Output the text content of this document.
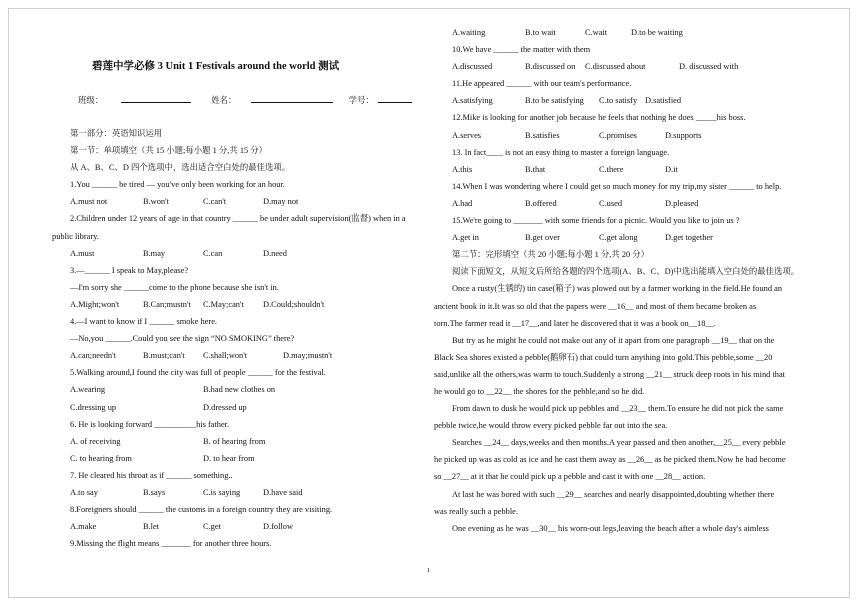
碧莲中学必修 3 Unit 1 Festivals around the world 测试
班级：	姓名：	学号：

第一部分：英语知识运用

第一节：单项填空（共 15 小题;每小题 1 分,共 15 分）

从 A、B、C、D 四个选项中，选出适合空白处的最佳选项。

1.You ______ be tired — you've only been working for an hour.

A.must not	B.won't	C.can't	D.may not

2.Children under 12 years of age in that country ______ be under adult supervision(监督) when in a

public library.

A.must	B.may	C.can	D.need

3.—______ I speak to May,please?

—I'm sorry she ______come to the phone because she isn't in.

A.Might;won't	B.Can;mustn't C.May;can't D.Could;shouldn't

4.—I want to know if I ______ smoke here.

—No,you ______.Could you see the sign “NO SMOKING” there?

A.can;needn't	B.must;can't C.shall;won't	D.may;mustn't

5.Walking around,I found the city was full of people ______ for the festival.

A.wearing	B.had new clothes on

C.dressing up	D.dressed up

6. He is looking forward __________his father.

A. of receiving	B. of hearing from

C. to hearing from	D. to hear from

7. He cleared his throat as if ______ something..

A.to say	B.says	C.is saying	D.have said

8.Foreigners should ______ the customs in a foreign country they are visiting.

A.make	B.let	C.get	D.follow

9.Missing the flight means _______ for another three hours.

A.waiting	B.to wait	C.wait	D.to be waiting

10.We have ______ the matter with them

A.discussed	B.discussed on C.discussed about	D. discussed with

11.He appeared ______ with our team's performance.

A.satisfying	B.to be satisfying C.to satisfy D.satisfied

12.Mike is looking for another job because he feels that nothing he does _____his boss.

A.serves	B.satisfies	C.promises	D.supports

13. In fact____ is not an easy thing to master a foreign language.

A.this	B.that	C.there	D.it

14.When I was wondering where I could get so much money for my trip,my sister ______ to help.

A.had	B.offered	C.used	D.pleased

15.We're going to _______ with some friends for a picnic. Would you like to join us ?

A.get in	B.get over	C.get along	D.get together

第二节：完形填空（共 20 小题;每小题 1 分,共 20 分）

阅读下面短文，从短文后所给各题的四个选项(A、B、C、D)中选出能填入空白处的最佳选项。

Once a rusty(生锈的) tin case(箱子) was plowed out by a farmer working in the field.He found an

ancient book in it.It was so old that the papers were __16__ and most of them became broken as

torn.The farmer read it __17__,and later he discovered that it was a book on__18__.

But try as he might he could not make out any of it apart from one paragraph __19__ that on the

Black Sea shores existed a pebble(鹅卵石) that could turn anything into gold.This pebble,some __20

said,unlike all the others,was warm to touch.Suddenly a strong __21__ struck deep roots in his mind that

he would go to __22__ the shores for the pebble,and so he did.

From dawn to dusk he would pick up pebbles and __23__ them.To ensure he did not pick the same

pebble twice,he would throw every picked pebble far out into the sea.

Searches __24__ days,weeks and then months.A year passed and then another,__25__ every pebble

he picked up was as cold as ice and he cast them away as __26__ as he picked them.Now he had become

so __27__ at it that he could pick up a pebble and cast it with one __28__ action.

At last he was bored with such __29__ searches and nearly disappointed,doubting whether there

was really such a pebble.

One evening as he was __30__ his worn-out legs,leaving the beach after a whole day's aimless

1
